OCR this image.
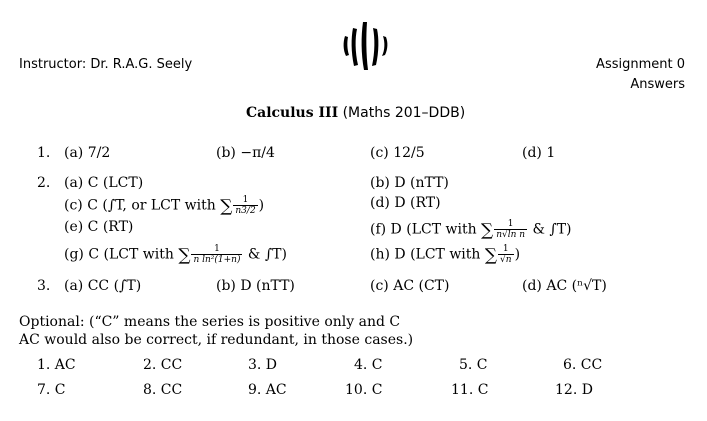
Instructor: Dr. R.A.G. Seely	Assignment 0
Answers
Calculus III (Maths 201–DDB)
1. (a) 7/2	(b) −π/4	(c) 12/5	(d) 1
2. (a) C (LCT)	(b) D (nTT)
(c) C (∫T, or LCT with ∑ $\frac{1}{n3/2}$ )	(d) D (RT)
(e) C (RT)	(f) D (LCT with ∑ $\frac{1}{\text{n√ln n}}$ & ∫T)
(g) C (LCT with ∑ $\frac{1}{\text{n ln²(1+n)}}$ & ∫T)	(h) D (LCT with ∑ $\frac{1}{√n}$ )
3. (a) CC (∫T)	(b) D (nTT)	(c) AC (CT)	(d) AC (ⁿ√T)
Optional: (“C” means the series is positive only and C
AC would also be correct, if redundant, in those cases.)
1. AC	2. CC	3. D	4. C	5. C	6. CC
7. C	8. CC	9. AC	10. C	11. C	12. D
